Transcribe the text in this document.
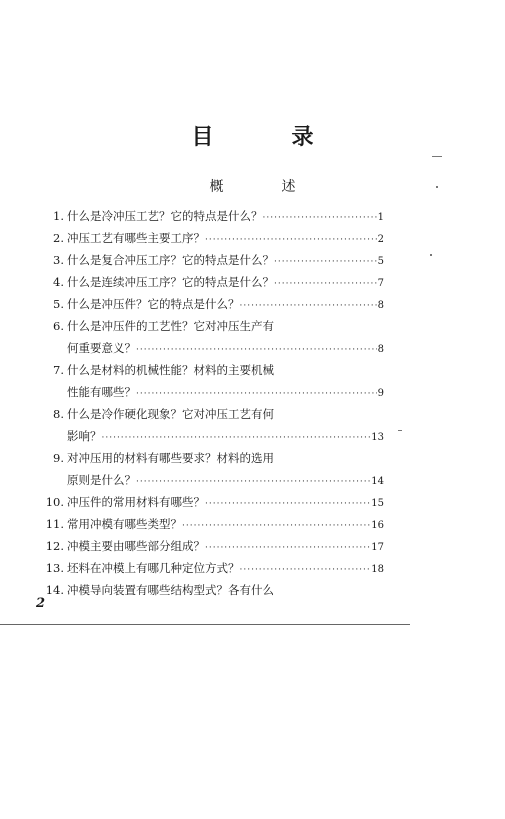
目　录
概　述
1. 什么是冷冲压工艺？它的特点是什么？ ·····	1
2. 冲压工艺有哪些主要工序？ ·····	2
3. 什么是复合冲压工序？它的特点是什么？ ·····	5
4. 什么是连续冲压工序？它的特点是什么？ ·····	7
5. 什么是冲压件？它的特点是什么？ ·····	8
6. 什么是冲压件的工艺性？它对冲压生产有
何重要意义？ ·····	8
7. 什么是材料的机械性能？材料的主要机械
性能有哪些？ ·····	9
8. 什么是冷作硬化现象？它对冲压工艺有何
影响？ ·····	13
9. 对冲压用的材料有哪些要求？材料的选用
原则是什么？ ·····	14
10. 冲压件的常用材料有哪些？ ·····	15
11. 常用冲模有哪些类型？ ·····	16
12. 冲模主要由哪些部分组成？ ·····	17
13. 坯料在冲模上有哪几种定位方式？ ·····	18
14. 冲模导向装置有哪些结构型式？各有什么
2
